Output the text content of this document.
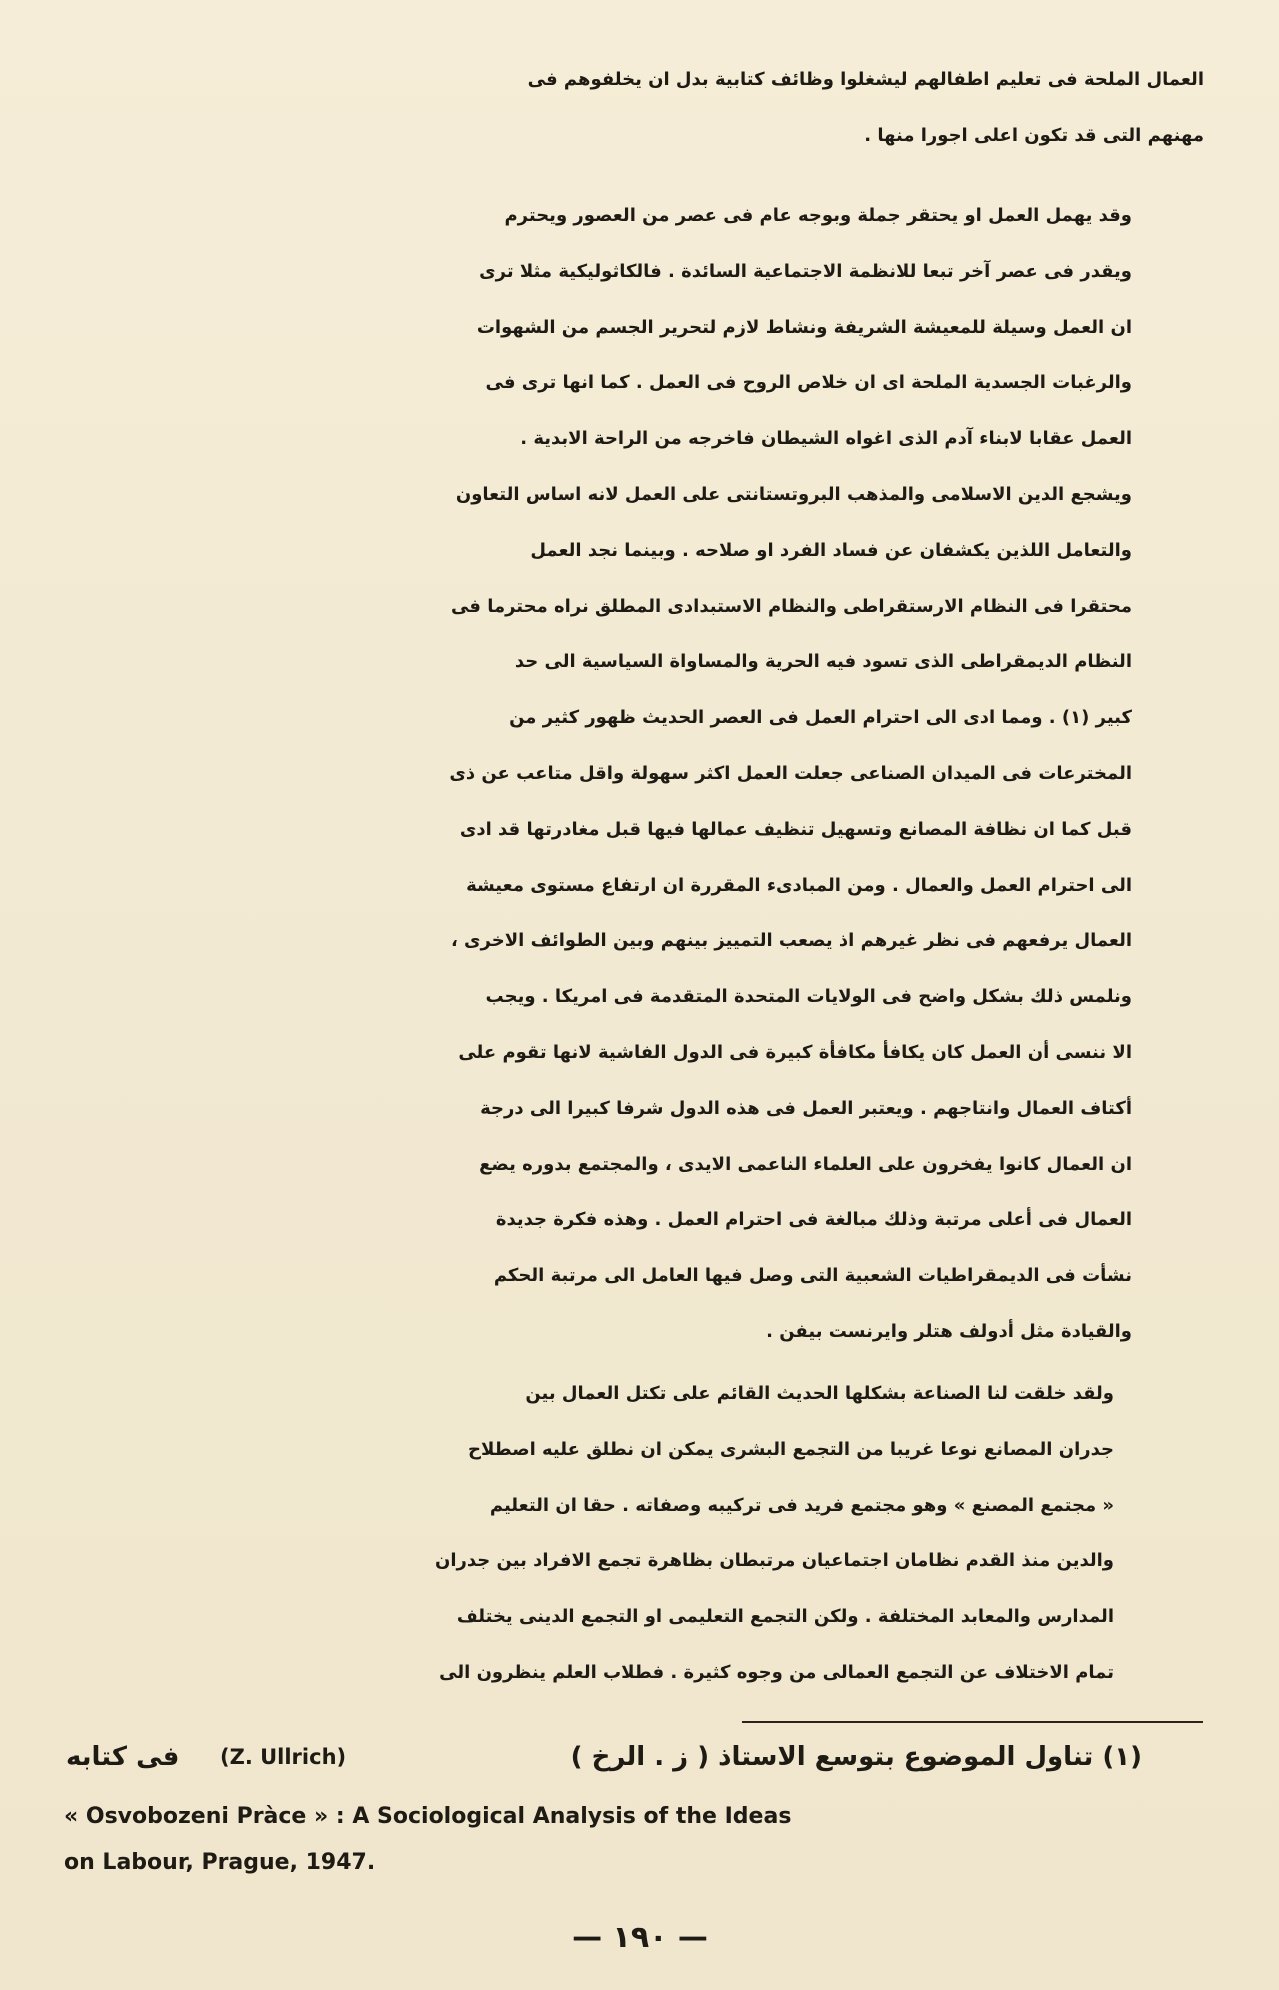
العمال الملحة فى تعليم اطفالهم ليشغلوا وظائف كتابية بدل ان يخلفوهم فى
مهنهم التى قد تكون اعلى اجورا منها .
وقد يهمل العمل او يحتقر جملة وبوجه عام فى عصر من العصور ويحترم
ويقدر فى عصر آخر تبعا للانظمة الاجتماعية السائدة . فالكاثوليكية مثلا ترى
ان العمل وسيلة للمعيشة الشريفة ونشاط لازم لتحرير الجسم من الشهوات
والرغبات الجسدية الملحة اى ان خلاص الروح فى العمل . كما انها ترى فى
العمل عقابا لابناء آدم الذى اغواه الشيطان فاخرجه من الراحة الابدية .
ويشجع الدين الاسلامى والمذهب البروتستانتى على العمل لانه اساس التعاون
والتعامل اللذين يكشفان عن فساد الفرد او صلاحه . وبينما نجد العمل
محتقرا فى النظام الارستقراطى والنظام الاستبدادى المطلق نراه محترما فى
النظام الديمقراطى الذى تسود فيه الحرية والمساواة السياسية الى حد
كبير (١) . ومما ادى الى احترام العمل فى العصر الحديث ظهور كثير من
المخترعات فى الميدان الصناعى جعلت العمل اكثر سهولة واقل متاعب عن ذى
قبل كما ان نظافة المصانع وتسهيل تنظيف عمالها فيها قبل مغادرتها قد ادى
الى احترام العمل والعمال . ومن المبادىء المقررة ان ارتفاع مستوى معيشة
العمال يرفعهم فى نظر غيرهم اذ يصعب التمييز بينهم وبين الطوائف الاخرى ،
ونلمس ذلك بشكل واضح فى الولايات المتحدة المتقدمة فى امريكا . ويجب
الا ننسى أن العمل كان يكافأ مكافأة كبيرة فى الدول الفاشية لانها تقوم على
أكتاف العمال وانتاجهم . ويعتبر العمل فى هذه الدول شرفا كبيرا الى درجة
ان العمال كانوا يفخرون على العلماء الناعمى الايدى ، والمجتمع بدوره يضع
العمال فى أعلى مرتبة وذلك مبالغة فى احترام العمل . وهذه فكرة جديدة
نشأت فى الديمقراطيات الشعبية التى وصل فيها العامل الى مرتبة الحكم
والقيادة مثل أدولف هتلر وايرنست بيفن .
ولقد خلقت لنا الصناعة بشكلها الحديث القائم على تكتل العمال بين
جدران المصانع نوعا غريبا من التجمع البشرى يمكن ان نطلق عليه اصطلاح
« مجتمع المصنع » وهو مجتمع فريد فى تركيبه وصفاته . حقا ان التعليم
والدين منذ القدم نظامان اجتماعيان مرتبطان بظاهرة تجمع الافراد بين جدران
المدارس والمعابد المختلفة . ولكن التجمع التعليمى او التجمع الدينى يختلف
تمام الاختلاف عن التجمع العمالى من وجوه كثيرة . فطلاب العلم ينظرون الى
(١) تناول الموضوع بتوسع الاستاذ ( ز . الرخ )
(Z. Ullrich)
فى كتابه
« Osvobozeni Pràce » : A Sociological Analysis of the Ideas
on Labour, Prague, 1947.
— ١٩٠ —
